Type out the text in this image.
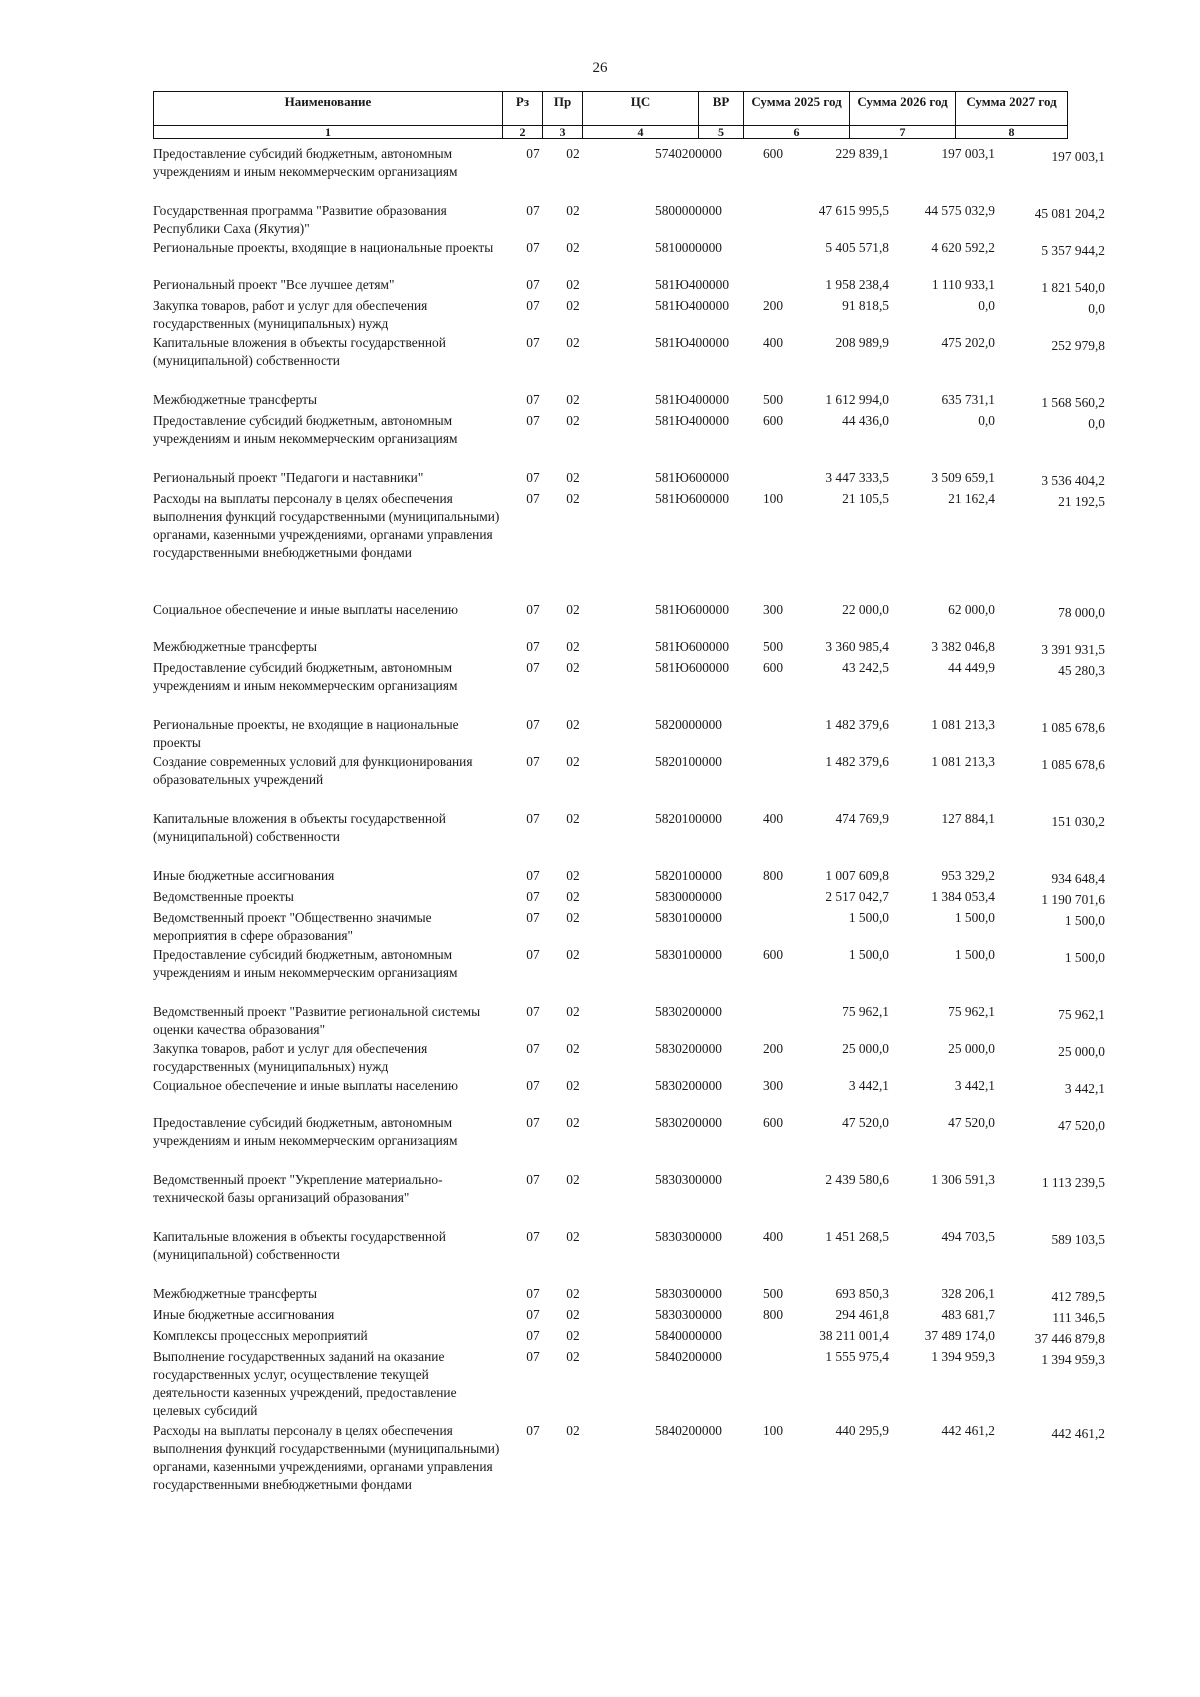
26
Наименование	Рз	Пр	ЦС	ВР	Сумма 2025 год	Сумма 2026 год	Сумма 2027 год
1	2	3	4	5	6	7	8
Предоставление субсидий бюджетным, автономным учреждениям и иным некоммерческим организациям	07	02	5740200000	600	229 839,1	197 003,1	197 003,1
Государственная программа "Развитие образования Республики Саха (Якутия)"	07	02	5800000000		47 615 995,5	44 575 032,9	45 081 204,2
Региональные проекты, входящие в национальные проекты	07	02	5810000000		5 405 571,8	4 620 592,2	5 357 944,2
Региональный проект "Все лучшее детям"	07	02	581Ю400000		1 958 238,4	1 110 933,1	1 821 540,0
Закупка товаров, работ и услуг для обеспечения государственных (муниципальных) нужд	07	02	581Ю400000	200	91 818,5	0,0	0,0
Капитальные вложения в объекты государственной (муниципальной) собственности	07	02	581Ю400000	400	208 989,9	475 202,0	252 979,8
Межбюджетные трансферты	07	02	581Ю400000	500	1 612 994,0	635 731,1	1 568 560,2
Предоставление субсидий бюджетным, автономным учреждениям и иным некоммерческим организациям	07	02	581Ю400000	600	44 436,0	0,0	0,0
Региональный проект "Педагоги и наставники"	07	02	581Ю600000		3 447 333,5	3 509 659,1	3 536 404,2
Расходы на выплаты персоналу в целях обеспечения выполнения функций государственными (муниципальными) органами, казенными учреждениями, органами управления государственными внебюджетными фондами	07	02	581Ю600000	100	21 105,5	21 162,4	21 192,5
Социальное обеспечение и иные выплаты населению	07	02	581Ю600000	300	22 000,0	62 000,0	78 000,0
Межбюджетные трансферты	07	02	581Ю600000	500	3 360 985,4	3 382 046,8	3 391 931,5
Предоставление субсидий бюджетным, автономным учреждениям и иным некоммерческим организациям	07	02	581Ю600000	600	43 242,5	44 449,9	45 280,3
Региональные проекты, не входящие в национальные проекты	07	02	5820000000		1 482 379,6	1 081 213,3	1 085 678,6
Создание современных условий для функционирования образовательных учреждений	07	02	5820100000		1 482 379,6	1 081 213,3	1 085 678,6
Капитальные вложения в объекты государственной (муниципальной) собственности	07	02	5820100000	400	474 769,9	127 884,1	151 030,2
Иные бюджетные ассигнования	07	02	5820100000	800	1 007 609,8	953 329,2	934 648,4
Ведомственные проекты	07	02	5830000000		2 517 042,7	1 384 053,4	1 190 701,6
Ведомственный проект "Общественно значимые мероприятия в сфере образования"	07	02	5830100000		1 500,0	1 500,0	1 500,0
Предоставление субсидий бюджетным, автономным учреждениям и иным некоммерческим организациям	07	02	5830100000	600	1 500,0	1 500,0	1 500,0
Ведомственный проект "Развитие региональной системы оценки качества образования"	07	02	5830200000		75 962,1	75 962,1	75 962,1
Закупка товаров, работ и услуг для обеспечения государственных (муниципальных) нужд	07	02	5830200000	200	25 000,0	25 000,0	25 000,0
Социальное обеспечение и иные выплаты населению	07	02	5830200000	300	3 442,1	3 442,1	3 442,1
Предоставление субсидий бюджетным, автономным учреждениям и иным некоммерческим организациям	07	02	5830200000	600	47 520,0	47 520,0	47 520,0
Ведомственный проект "Укрепление материально-технической базы организаций образования"	07	02	5830300000		2 439 580,6	1 306 591,3	1 113 239,5
Капитальные вложения в объекты государственной (муниципальной) собственности	07	02	5830300000	400	1 451 268,5	494 703,5	589 103,5
Межбюджетные трансферты	07	02	5830300000	500	693 850,3	328 206,1	412 789,5
Иные бюджетные ассигнования	07	02	5830300000	800	294 461,8	483 681,7	111 346,5
Комплексы процессных мероприятий	07	02	5840000000		38 211 001,4	37 489 174,0	37 446 879,8
Выполнение государственных заданий на оказание государственных услуг, осуществление текущей деятельности казенных учреждений, предоставление целевых субсидий	07	02	5840200000		1 555 975,4	1 394 959,3	1 394 959,3
Расходы на выплаты персоналу в целях обеспечения выполнения функций государственными (муниципальными) органами, казенными учреждениями, органами управления государственными внебюджетными фондами	07	02	5840200000	100	440 295,9	442 461,2	442 461,2
